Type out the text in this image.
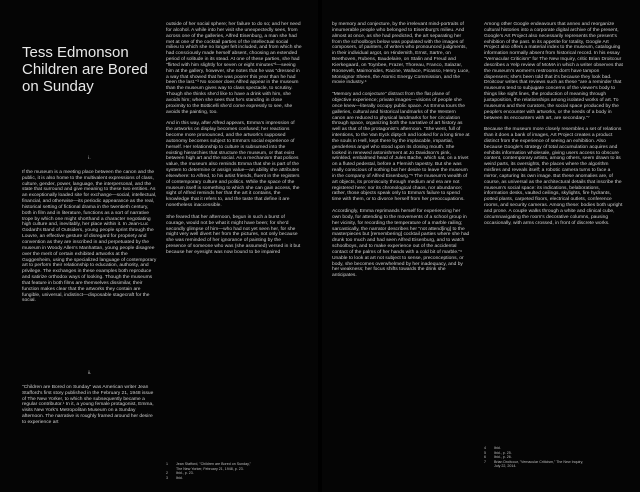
Tess Edmonson
Children are Bored
on Sunday
i.

If the museum is a meeting place between the canon and the public, it is also home to the multivalent expressions of class, culture, gender, power, language, the interpersonal, and the state that surround and give meaning to these two entities. As an exceptionally loaded site for exchange—social, intellectual, financial, and otherwise—its periodic appearance as the real, historical setting of fictional drama in the twentieth century, both in film and in literature, functions as a sort of narrative trope by which one might shorthand a character negotiating high culture and, inevitably, her place within it. In Jean-Luc Godard's Band of Outsiders, young people sprint through the Louvre, an effective gesture of disregard for propriety and convention as they are inscribed in and perpetuated by the museum in Woody Allen's Manhattan, young people disagree over the merit of certain exhibited artworks at the Guggenheim, using the specialized language of contemporary art to perform their relationship to education, authority, and privilege. The exchanges in these examples both reproduce and satirize orthodox ways of looking. Though the museums that feature in both films are themselves dissimilar, their function makes clear that the artworks they contain are fungible, universal, indistinct—disposable stagecraft for the social.

ii.

"Children are Bored on Sunday" was American writer Jean Stafford's first story published in the February 21, 1948 issue of The New Yorker, to which she subsequently became a regular contributor.¹ In it, a young female protagonist, Emma, visits New York's Metropolitan Museum on a Sunday afternoon. The narrative is roughly framed around her desire to experience art

outside of her social sphere; her failure to do so; and her need for alcohol. A while into her visit she unexpectedly sees, from across one of the galleries, Alfred Eisenburg, a man she had met at one of the cocktail parties of the intellectual social milieu to which she no longer felt included, and from which she had consciously made herself absent, choosing an extended period of solitude in its stead. At one of these parties, she had "flirted with him slightly for seven or eight minutes"²—seeing him at the gallery, however, she notes that he was "dressed in a way that showed that he was poorer this year than he had been the last."³ No sooner does Alfred appear in the museum than the museum gives way to class spectacle, to scrutiny. Though she thinks she'd like to have a drink with him, she avoids him; when she sees that he's standing in close proximity to the Botticelli she'd come expressly to see, she avoids the painting, too.

And in this way, after Alfred appears, Emma's impression of the artworks on display becomes confused; her reactions become more pronounced, and the artwork's supposed autonomy becomes subject to Emma's social experience of herself. Her relationship to culture is subsumed into the existing hierarchies that structure the museum, or that exist between high art and the social. As a mechanism that polices value, the museum also reminds Emma that she is part of the system to determine or assign value—an ability she attributes elsewhere: to Alfred, to his artist friends, fluent in the registers of contemporary culture and politics. While the space of the museum itself is something to which she can gain access, the sight of Alfred reminds her that the art it contains, the knowledge that it refers to, and the taste that define it are nonetheless inaccessible.

She feared that her afternoon, begun in such a burst of courage, would not be what it might have been; for she'd secondly glimpse of him—who had not yet seen her, for she might very well divert her from the pictures, not only because she was reminded of her ignorance of painting by the presence of someone who was (she assumed) versed in it but because her eyesight was now bound to be impaired

1 Jean Stafford, "Children are Bored on Sunday,"
The New Yorker, February 21, 1948, p. 23.
2 Ibid., p. 23.
3 Ibid.

by memory and conjecture, by the irrelevant mind-portraits of innumerable people who belonged to Eisenburg's milieu. And almost at once, as she had predicted, the art separating her from the schoolboys below was populated with the images of composers, of painters, of writers who pronounced judgments, in their individual argot, on Hindemith, Ernst, Sartre, on Beethoven, Rubens, Baudelaire, on Stalin and Freud and Kierkegaard, on Toynbee, Frazer, Thoreau, Franco, Salazar, Roosevelt, Maimonides, Racine, Wallace, Picasso, Henry Luce, Monsignor Sheen, the Atomic Energy Commission, and the movie industry.⁴

"Memory and conjecture" distract from the flat plane of objective experience; private images—visions of people she once knew—literally occupy public space. As Emma tours the galleries, cultural and historical landmarks of the Western canon are reduced to physical landmarks for her circulation through space, organizing both the narrative of art history as well as that of the protagonist's afternoon. "She went, full of intentions, to the Van Eyck diptych and looked for a long time at the souls in Hell, kept there by the implacable, impartial, genderless angel who stood upon its closing mouth. She looked in renewed astonishment at Jo Davidson's pink, wrinkled, embalmed head of Jules Bache, which sat, on a trivet on a fluted pedestal, before a Flemish tapestry. But she was really conscious of nothing but her desire to leave the museum in the company of Alfred Eisenburg."⁵ The museum's wealth of art objects, its promiscuity through medium and era are not registered here; nor its chronological chaos, nor abundance; rather, those objects speak only to Emma's failure to spend time with them, or to divorce herself from her preoccupations.

Accordingly, Emma reprimands herself for experiencing her own body, for attending to the movements of a school group in her vicinity, for recording the temperature of a marble railing; sarcastically, the narrator describes her "not attend[ing] to the masterpieces but [remembering] cocktail parties where she had drunk too much and had seen Alfred Eisenburg, and to watch schoolboys, and to make experience out of the accidental contact of the palms of her hands with a cold bit of marble."⁶ Unable to look at art not subject to sense, preconceptions, or body, she becomes overwhelmed by her inadequacy, and by her weakness; her focus shifts towards the drink she anticipates.

Among other Google endeavours that annex and reorganize cultural histories into a corporate digital archive of the present, Google's Art Project also necessarily represents the present's exhibition of the past. In its appetite for totality, Google Art Project also offers a material index to the museum, cataloguing information normally absent from historical record. In his essay "Vernacular Criticism" for The New Inquiry, critic Brian Droitcour describes a Yelp review of MoMA in which a writer observes that the museum's women's restrooms don't have tampon dispensers; she's been told that it's because they look bad. Droitcour writes that reviews such as these "are a reminder that museums tend to subjugate concerns of the viewer's body to things like sight lines, the production of meaning through juxtaposition, the relationships among isolated works of art. To museums and their curators, the social space produced by the people's encounter with artworks, or the needs of a body in between its encounters with art, are secondary."⁷

Because the museum more closely resembles a set of relations than it does a bank of images, Art Project creates a product distinct from the experience of seeing an exhibition. Also because Google's strategy of total accumulation acquires and exhibits information wholesale, giving users access to obscure content, contemporary artists, among others, seem drawn to its weird parts, its oversights, the places where the algorithm misfires and reveals itself; a robotic camera turns to face a mirror, capturing its own image. But these anomalies are, of course, as universal as the architectural details that inscribe the museum's social space: its indications, belaborations, information desks, vaulted ceilings, skylights, fire hydrants, potted plants, carpeted floors, electrical outlets, conference rooms, and security cameras. Among these: bodies both upright and prone. A couple walks through a white and clinical cube, circumnavigating the room's decorative columns, pausing occasionally, with arms crossed, in front of discrete works.

4 Ibid.
5 Ibid., p. 25.
6 Ibid., p. 26.
7 Brian Droitcour, "Vernacular Criticism," The New Inquiry,
July 22, 2014.
